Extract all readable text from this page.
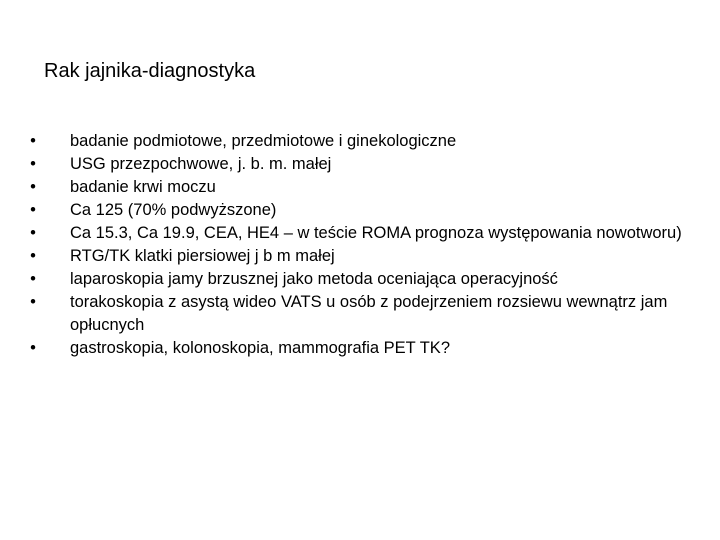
Rak jajnika-diagnostyka
• badanie podmiotowe, przedmiotowe i ginekologiczne
• USG przezpochwowe, j. b. m. małej
• badanie krwi moczu
• Ca 125 (70% podwyższone)
• Ca 15.3, Ca 19.9, CEA, HE4 – w teście ROMA prognoza występowania nowotworu)
• RTG/TK klatki piersiowej j b m małej
• laparoskopia jamy brzusznej jako metoda oceniająca operacyjność
• torakoskopia z asystą wideo VATS u osób z podejrzeniem rozsiewu wewnątrz jam opłucnych
• gastroskopia, kolonoskopia, mammografia PET TK?
